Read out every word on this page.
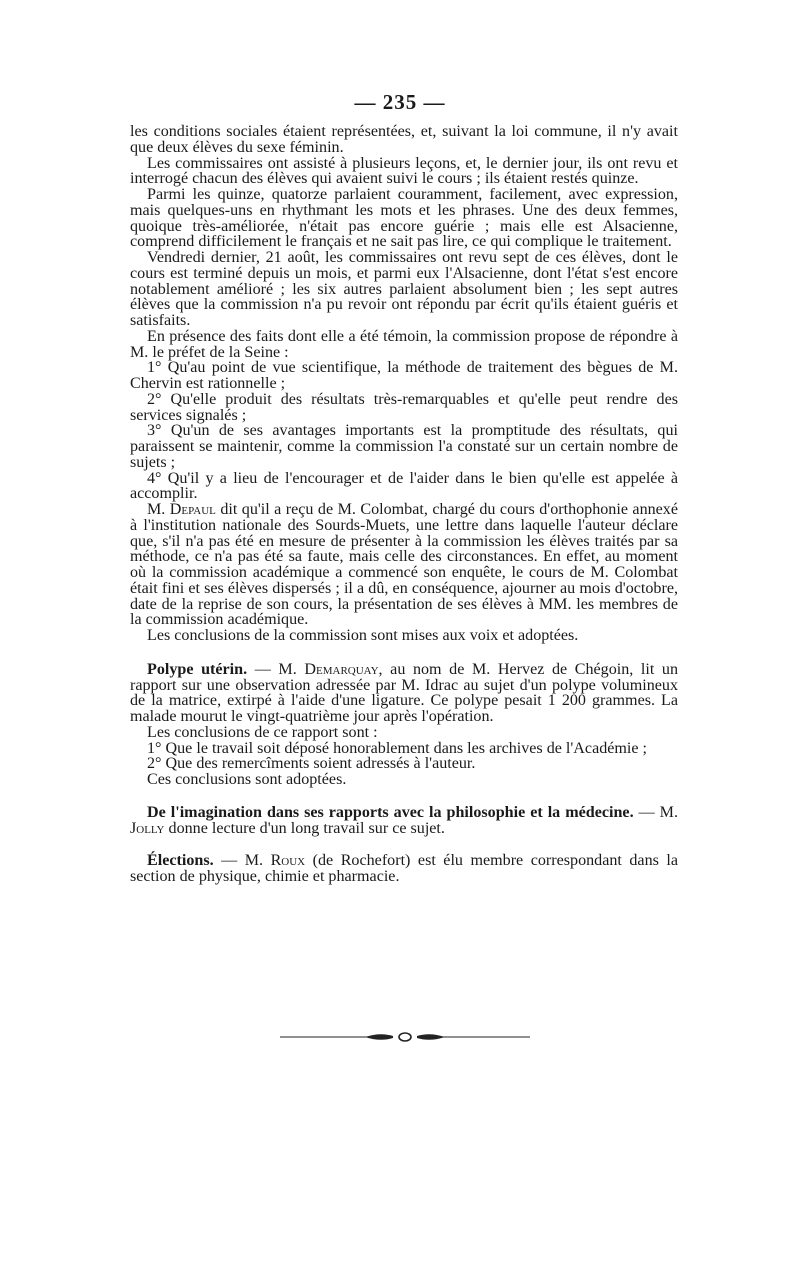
— 235 —

les conditions sociales étaient représentées, et, suivant la loi commune, il n'y avait que deux élèves du sexe féminin.

Les commissaires ont assisté à plusieurs leçons, et, le dernier jour, ils ont revu et interrogé chacun des élèves qui avaient suivi le cours ; ils étaient restés quinze.

Parmi les quinze, quatorze parlaient couramment, facilement, avec expression, mais quelques-uns en rhythmant les mots et les phrases. Une des deux femmes, quoique très-améliorée, n'était pas encore guérie ; mais elle est Alsacienne, comprend difficilement le français et ne sait pas lire, ce qui complique le traitement.

Vendredi dernier, 21 août, les commissaires ont revu sept de ces élèves, dont le cours est terminé depuis un mois, et parmi eux l'Alsacienne, dont l'état s'est encore notablement amélioré ; les six autres parlaient absolument bien ; les sept autres élèves que la commission n'a pu revoir ont répondu par écrit qu'ils étaient guéris et satisfaits.

En présence des faits dont elle a été témoin, la commission propose de répondre à M. le préfet de la Seine :

1° Qu'au point de vue scientifique, la méthode de traitement des bègues de M. Chervin est rationnelle ;

2° Qu'elle produit des résultats très-remarquables et qu'elle peut rendre des services signalés ;

3° Qu'un de ses avantages importants est la promptitude des résultats, qui paraissent se maintenir, comme la commission l'a constaté sur un certain nombre de sujets ;

4° Qu'il y a lieu de l'encourager et de l'aider dans le bien qu'elle est appelée à accomplir.

M. Depaul dit qu'il a reçu de M. Colombat, chargé du cours d'orthophonie annexé à l'institution nationale des Sourds-Muets, une lettre dans laquelle l'auteur déclare que, s'il n'a pas été en mesure de présenter à la commission les élèves traités par sa méthode, ce n'a pas été sa faute, mais celle des circonstances. En effet, au moment où la commission académique a commencé son enquête, le cours de M. Colombat était fini et ses élèves dispersés ; il a dû, en conséquence, ajourner au mois d'octobre, date de la reprise de son cours, la présentation de ses élèves à MM. les membres de la commission académique.

Les conclusions de la commission sont mises aux voix et adoptées.

Polype utérin. — M. Demarquay, au nom de M. Hervez de Chégoin, lit un rapport sur une observation adressée par M. Idrac au sujet d'un polype volumineux de la matrice, extirpé à l'aide d'une ligature. Ce polype pesait 1 200 grammes. La malade mourut le vingt-quatrième jour après l'opération.

Les conclusions de ce rapport sont :

1° Que le travail soit déposé honorablement dans les archives de l'Académie ;

2° Que des remercîments soient adressés à l'auteur.

Ces conclusions sont adoptées.

De l'imagination dans ses rapports avec la philosophie et la médecine. — M. Jolly donne lecture d'un long travail sur ce sujet.

Élections. — M. Roux (de Rochefort) est élu membre correspondant dans la section de physique, chimie et pharmacie.
